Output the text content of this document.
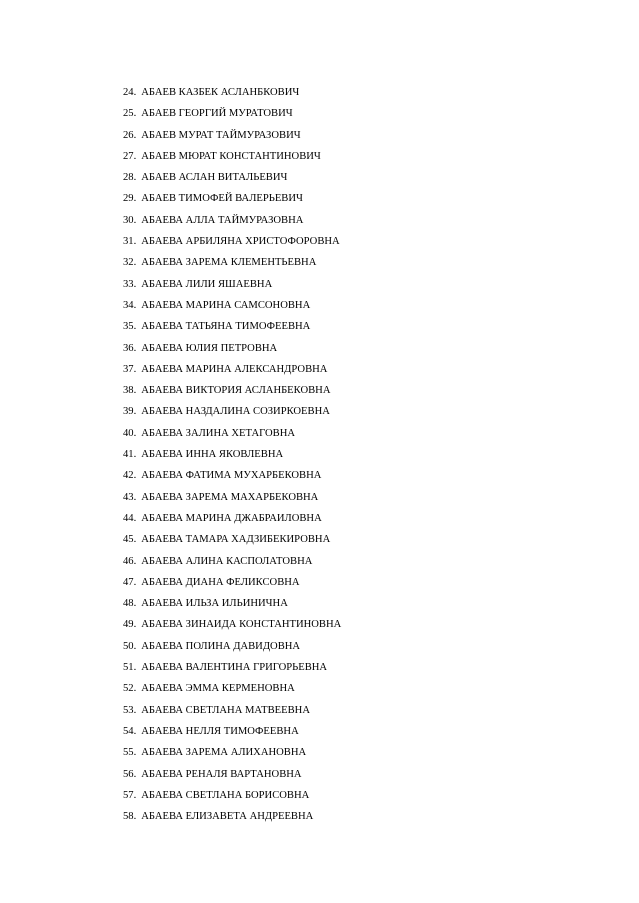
24. АБАЕВ КАЗБЕК АСЛАНБКОВИЧ
25. АБАЕВ ГЕОРГИЙ МУРАТОВИЧ
26. АБАЕВ МУРАТ ТАЙМУРАЗОВИЧ
27. АБАЕВ МЮРАТ КОНСТАНТИНОВИЧ
28. АБАЕВ АСЛАН ВИТАЛЬЕВИЧ
29. АБАЕВ ТИМОФЕЙ ВАЛЕРЬЕВИЧ
30. АБАЕВА АЛЛА ТАЙМУРАЗОВНА
31. АБАЕВА АРБИЛЯНА ХРИСТОФОРОВНА
32. АБАЕВА ЗАРЕМА КЛЕМЕНТЬЕВНА
33. АБАЕВА ЛИЛИ ЯШАЕВНА
34. АБАЕВА МАРИНА САМСОНОВНА
35. АБАЕВА ТАТЬЯНА ТИМОФЕЕВНА
36. АБАЕВА ЮЛИЯ ПЕТРОВНА
37. АБАЕВА МАРИНА АЛЕКСАНДРОВНА
38. АБАЕВА ВИКТОРИЯ АСЛАНБЕКОВНА
39. АБАЕВА НАЗДАЛИНА СОЗИРКОЕВНА
40. АБАЕВА ЗАЛИНА ХЕТАГОВНА
41. АБАЕВА ИННА ЯКОВЛЕВНА
42. АБАЕВА ФАТИМА МУХАРБЕКОВНА
43. АБАЕВА ЗАРЕМА МАХАРБЕКОВНА
44. АБАЕВА МАРИНА ДЖАБРАИЛОВНА
45. АБАЕВА ТАМАРА ХАДЗИБЕКИРОВНА
46. АБАЕВА АЛИНА КАСПОЛАТОВНА
47. АБАЕВА ДИАНА ФЕЛИКСОВНА
48. АБАЕВА ИЛЬЗА ИЛЬИНИЧНА
49. АБАЕВА ЗИНАИДА КОНСТАНТИНОВНА
50. АБАЕВА ПОЛИНА ДАВИДОВНА
51. АБАЕВА ВАЛЕНТИНА ГРИГОРЬЕВНА
52. АБАЕВА ЭММА КЕРМЕНОВНА
53. АБАЕВА СВЕТЛАНА МАТВЕЕВНА
54. АБАЕВА НЕЛЛЯ ТИМОФЕЕВНА
55. АБАЕВА ЗАРЕМА АЛИХАНОВНА
56. АБАЕВА РЕНАЛЯ ВАРТАНОВНА
57. АБАЕВА СВЕТЛАНА БОРИСОВНА
58. АБАЕВА ЕЛИЗАВЕТА АНДРЕЕВНА
